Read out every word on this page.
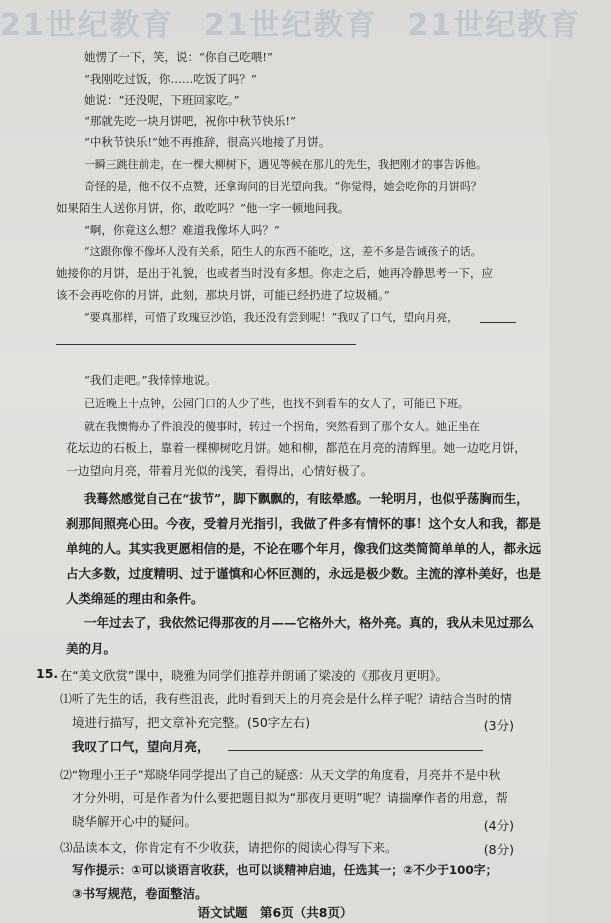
21世纪教育 21世纪教育 21世纪教育
她愣了一下，笑，说：“你自己吃喂!”
“我刚吃过饭，你……吃饭了吗？”
她说：“还没呢，下班回家吃。”
“那就先吃一块月饼吧，祝你中秋节快乐!”
“中秋节快乐!”她不再推辞，很高兴地接了月饼。
一瞬三跳往前走，在一棵大柳树下，遇见等候在那儿的先生，我把刚才的事告诉他。
奇怪的是，他不仅不点赞，还拿询问的目光望向我。“你觉得，她会吃你的月饼吗？
如果陌生人送你月饼，你，敢吃吗？”他一字一顿地问我。
“啊，你竟这么想？难道我像坏人吗？”
“这跟你像不像坏人没有关系，陌生人的东西不能吃，这，差不多是告诫孩子的话。
她接你的月饼，是出于礼貌，也或者当时没有多想。你走之后，她再冷静思考一下，应
该不会再吃你的月饼，此刻，那块月饼，可能已经扔进了垃圾桶。”
“要真那样，可惜了玫瑰豆沙馅，我还没有尝到呢！”我叹了口气，望向月亮，
“我们走吧。”我悻悻地说。
已近晚上十点钟，公园门口的人少了些，也找不到看车的女人了，可能已下班。
就在我懊悔办了件浪没的傻事时，转过一个拐角，突然看到了那个女人。她正坐在
花坛边的石板上，靠着一棵柳树吃月饼。她和柳，都范在月亮的清辉里。她一边吃月饼，
一边望向月亮，带着月光似的浅笑，看得出，心情好极了。
我蓦然感觉自己在“拔节”，脚下飘飘的，有眩晕感。一轮明月，也似乎荡胸而生，
刹那间照亮心田。今夜，受着月光指引，我做了件多有情怀的事！这个女人和我，都是
单纯的人。其实我更愿相信的是，不论在哪个年月，像我们这类简简单单的人，都永远
占大多数，过度精明、过于谨慎和心怀叵测的，永远是极少数。主流的淳朴美好，也是
人类绵延的理由和条件。
一年过去了，我依然记得那夜的月——它格外大，格外亮。真的，我从未见过那么
美的月。
15. 在“美文欣赏”课中，晓雅为同学们推荐并朗诵了梁凌的《那夜月更明》。
⑴听了先生的话，我有些沮丧，此时看到天上的月亮会是什么样子呢？请结合当时的情
境进行描写，把文章补充完整。(50字左右)	(3分)
我叹了口气，望向月亮，
⑵“物理小王子”郑晓华同学提出了自己的疑惑：从天文学的角度看，月亮并不是中秋
才分外明，可是作者为什么要把题目拟为“那夜月更明”呢？请揣摩作者的用意，帮
晓华解开心中的疑问。	(4分)
⑶品读本文，你肯定有不少收获，请把你的阅读心得写下来。	(8分)
写作提示：①可以谈语言收获，也可以谈精神启迪，任选其一；②不少于100字；
③书写规范，卷面整洁。
语文试题　第6页（共8页）
